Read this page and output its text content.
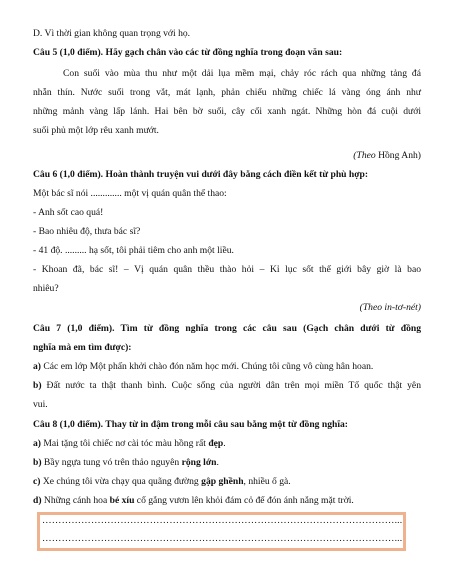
D. Vì thời gian không quan trọng với họ.
Câu 5 (1,0 điểm). Hãy gạch chân vào các từ đồng nghĩa trong đoạn văn sau:
Con suối vào mùa thu như một dải lụa mềm mại, chảy róc rách qua những tảng đá
nhẵn thín. Nước suối trong vắt, mát lạnh, phản chiếu những chiếc lá vàng óng ánh như
những mảnh vàng lấp lánh. Hai bên bờ suối, cây cối xanh ngát. Những hòn đá cuội dưới
suối phủ một lớp rêu xanh mướt.
(Theo Hồng Anh)
Câu 6 (1,0 điểm). Hoàn thành truyện vui dưới đây bằng cách điền kết từ phù hợp:
Một bác sĩ nói ............. một vị quán quân thể thao:
- Anh sốt cao quá!
- Bao nhiêu độ, thưa bác sĩ?
- 41 độ. ......... hạ sốt, tôi phải tiêm cho anh một liều.
- Khoan đã, bác sĩ! – Vị quán quân thều thào hỏi – Kỉ lục sốt thế giới bây giờ là bao
nhiêu?
(Theo in-tơ-nét)
Câu 7 (1,0 điểm). Tìm từ đồng nghĩa trong các câu sau (Gạch chân dưới từ đồng
nghĩa mà em tìm được):
a) Các em lớp Một phấn khởi chào đón năm học mới. Chúng tôi cũng vô cùng hân hoan.
b) Đất nước ta thật thanh bình. Cuộc sống của người dân trên mọi miền Tổ quốc thật yên
vui.
Câu 8 (1,0 điểm). Thay từ in đậm trong mỗi câu sau bằng một từ đồng nghĩa:
a) Mai tặng tôi chiếc nơ cài tóc màu hồng rất đẹp.
b) Bầy ngựa tung vó trên thảo nguyên rộng lớn.
c) Xe chúng tôi vừa chạy qua quãng đường gập ghềnh, nhiều ổ gà.
d) Những cánh hoa bé xíu cố gắng vươn lên khỏi đám cỏ để đón ánh nắng mặt trời.
………………………………………………………………………………………………...
………………………………………………………………………………………………...
